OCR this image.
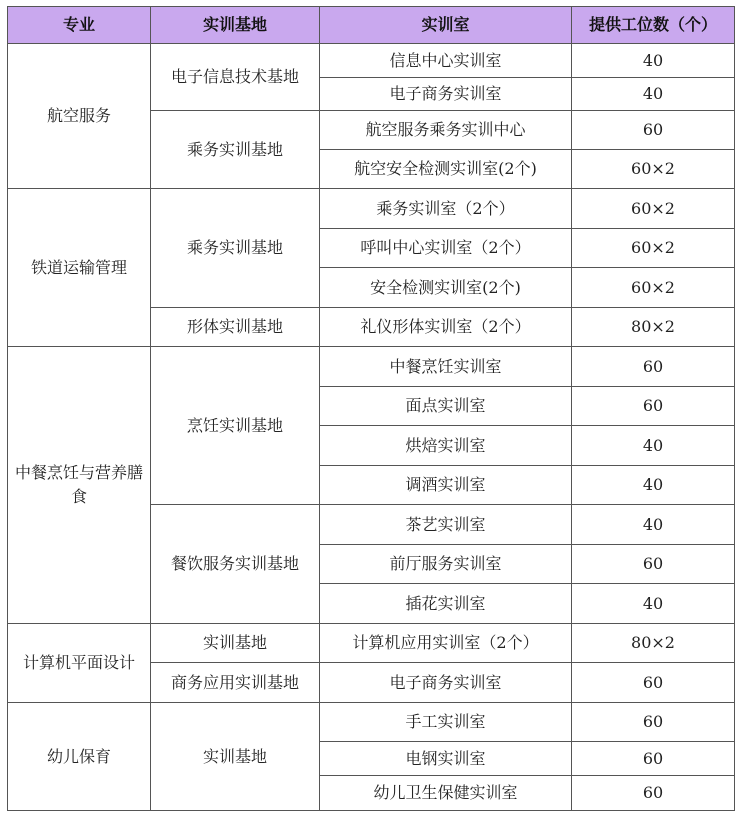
专业	实训基地	实训室	提供工位数（个）
航空服务	电子信息技术基地	信息中心实训室	40
		电子商务实训室	40
	乘务实训基地	航空服务乘务实训中心	60
		航空安全检测实训室(2个)	60×2
铁道运输管理	乘务实训基地	乘务实训室（2个）	60×2
		呼叫中心实训室（2个）	60×2
		安全检测实训室(2个)	60×2
	形体实训基地	礼仪形体实训室（2个）	80×2
中餐烹饪与营养膳食	烹饪实训基地	中餐烹饪实训室	60
		面点实训室	60
		烘焙实训室	40
		调酒实训室	40
	餐饮服务实训基地	茶艺实训室	40
		前厅服务实训室	60
		插花实训室	40
计算机平面设计	实训基地	计算机应用实训室（2个）	80×2
	商务应用实训基地	电子商务实训室	60
幼儿保育	实训基地	手工实训室	60
		电钢实训室	60
		幼儿卫生保健实训室	60
